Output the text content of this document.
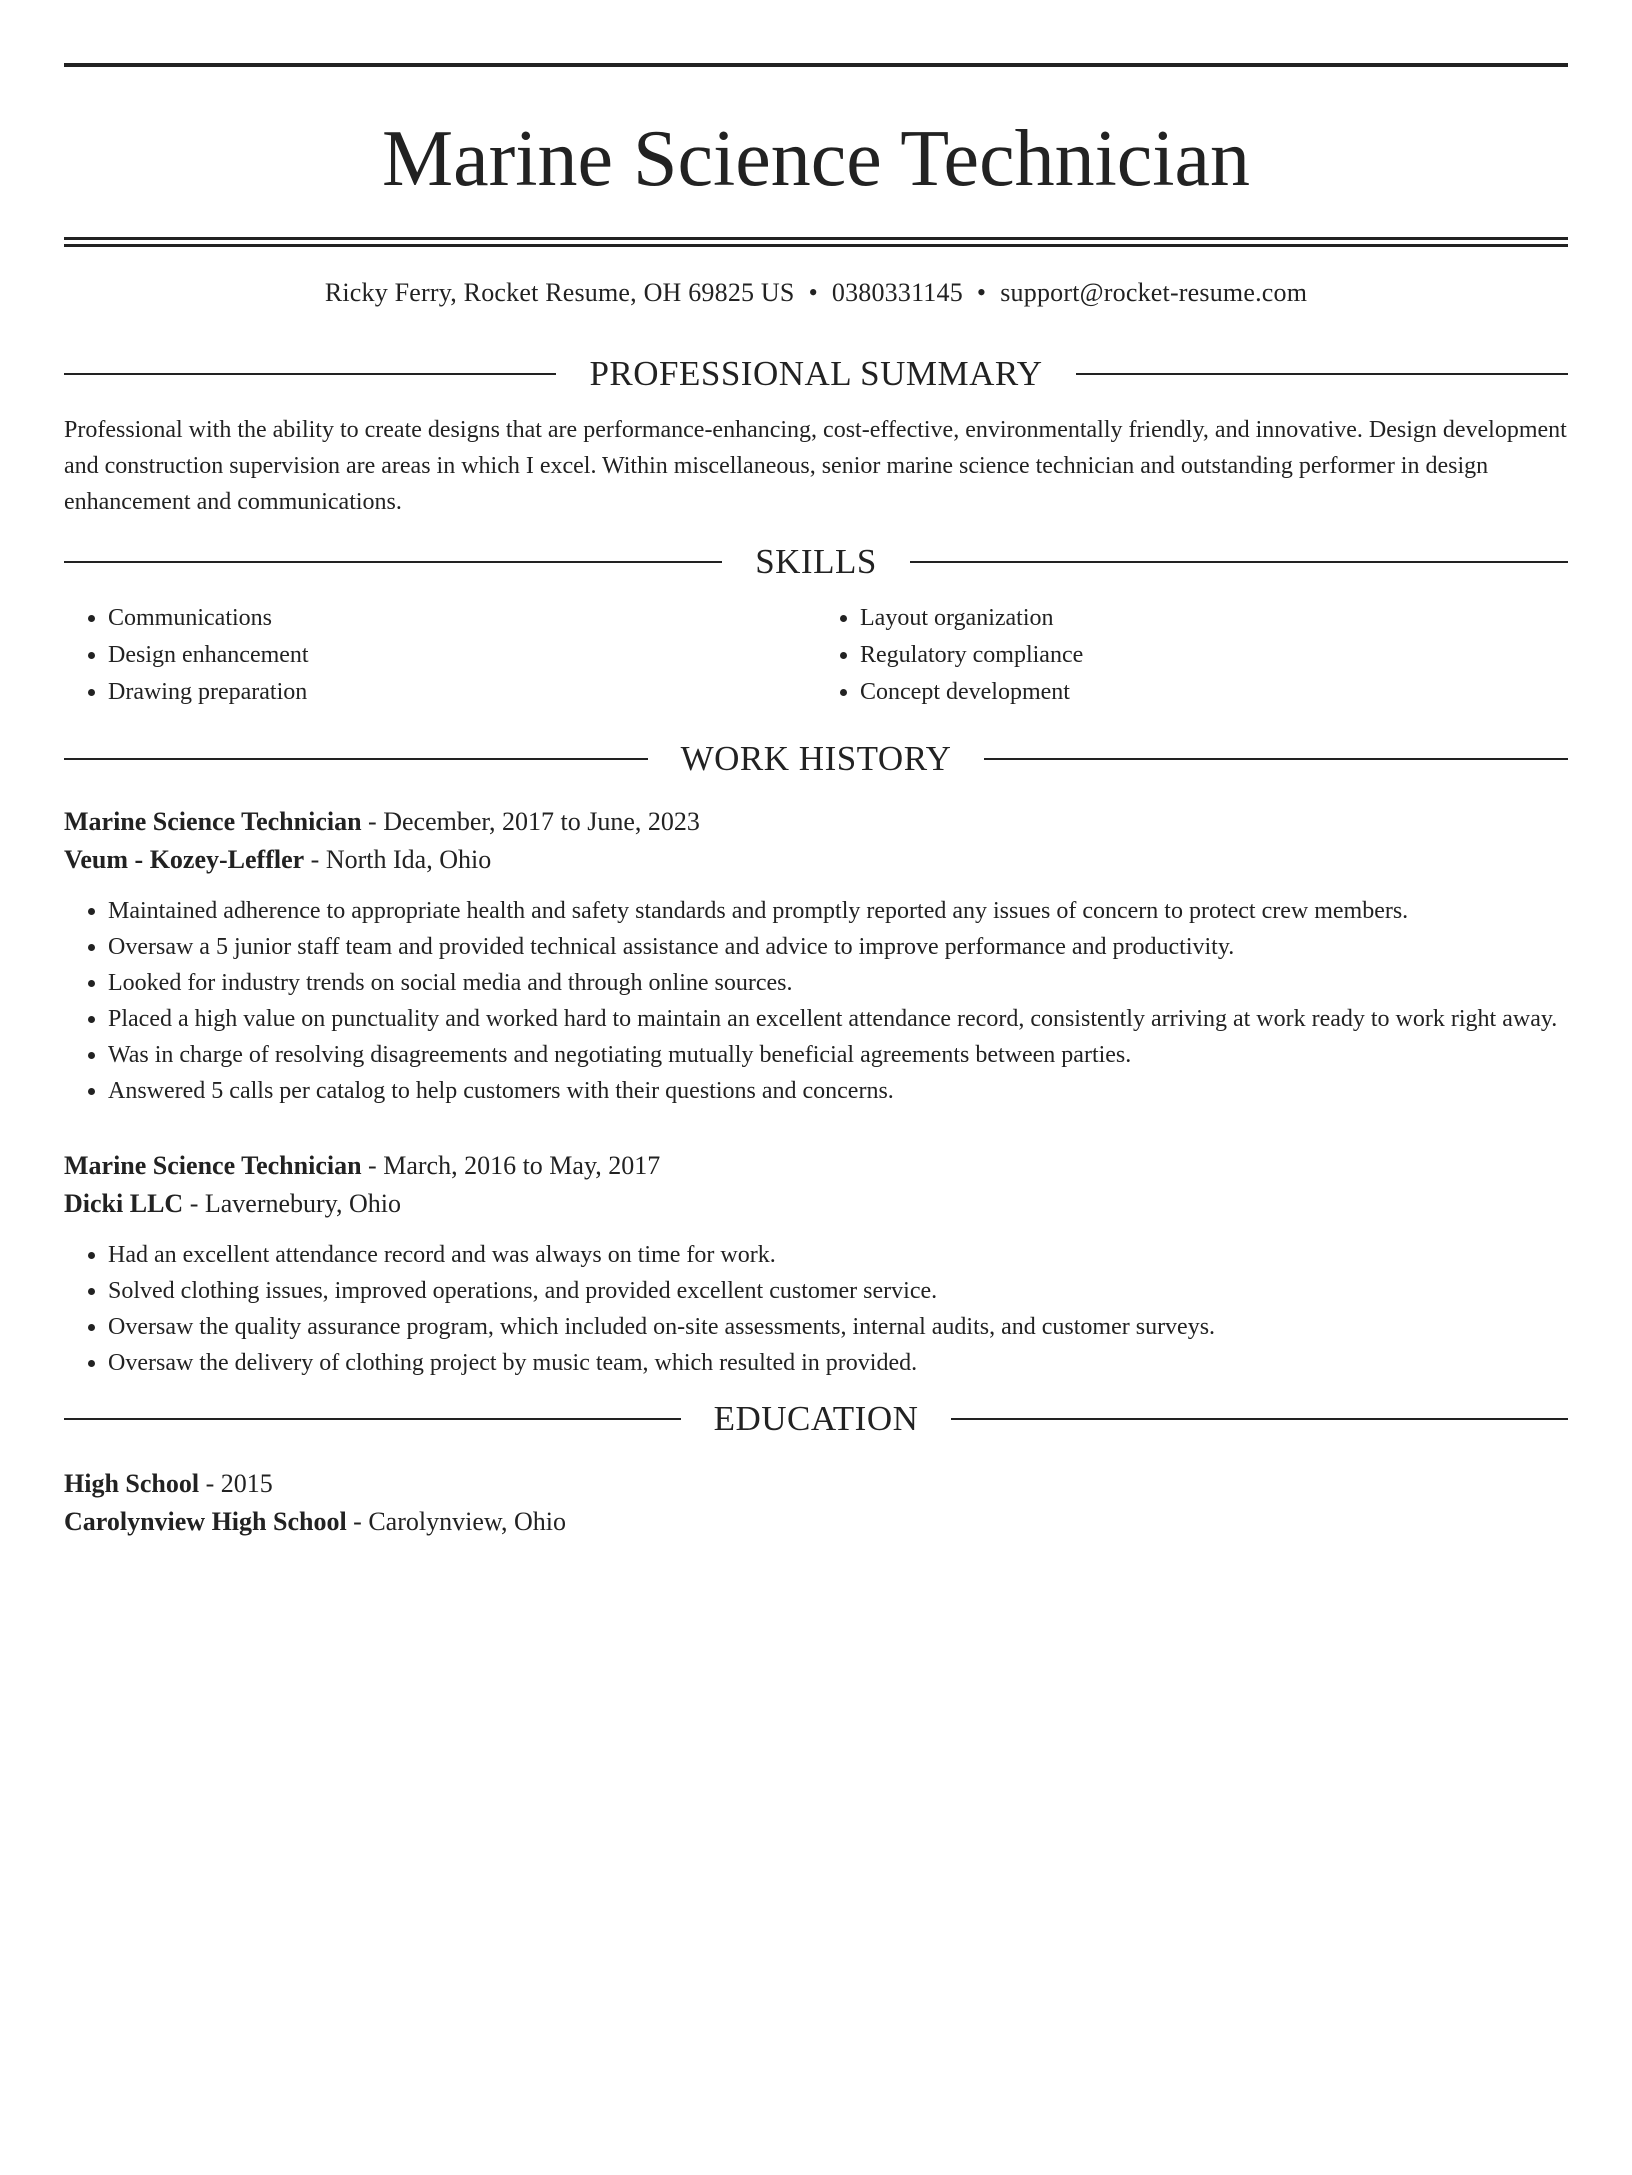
Marine Science Technician
Ricky Ferry, Rocket Resume, OH 69825 US • 0380331145 • support@rocket-resume.com
PROFESSIONAL SUMMARY
Professional with the ability to create designs that are performance-enhancing, cost-effective, environmentally friendly, and innovative. Design development and construction supervision are areas in which I excel. Within miscellaneous, senior marine science technician and outstanding performer in design enhancement and communications.
SKILLS
• Communications
• Design enhancement
• Drawing preparation
• Layout organization
• Regulatory compliance
• Concept development
WORK HISTORY
Marine Science Technician - December, 2017 to June, 2023
Veum - Kozey-Leffler - North Ida, Ohio
• Maintained adherence to appropriate health and safety standards and promptly reported any issues of concern to protect crew members.
• Oversaw a 5 junior staff team and provided technical assistance and advice to improve performance and productivity.
• Looked for industry trends on social media and through online sources.
• Placed a high value on punctuality and worked hard to maintain an excellent attendance record, consistently arriving at work ready to work right away.
• Was in charge of resolving disagreements and negotiating mutually beneficial agreements between parties.
• Answered 5 calls per catalog to help customers with their questions and concerns.
Marine Science Technician - March, 2016 to May, 2017
Dicki LLC - Lavernebury, Ohio
• Had an excellent attendance record and was always on time for work.
• Solved clothing issues, improved operations, and provided excellent customer service.
• Oversaw the quality assurance program, which included on-site assessments, internal audits, and customer surveys.
• Oversaw the delivery of clothing project by music team, which resulted in provided.
EDUCATION
High School - 2015
Carolynview High School - Carolynview, Ohio
